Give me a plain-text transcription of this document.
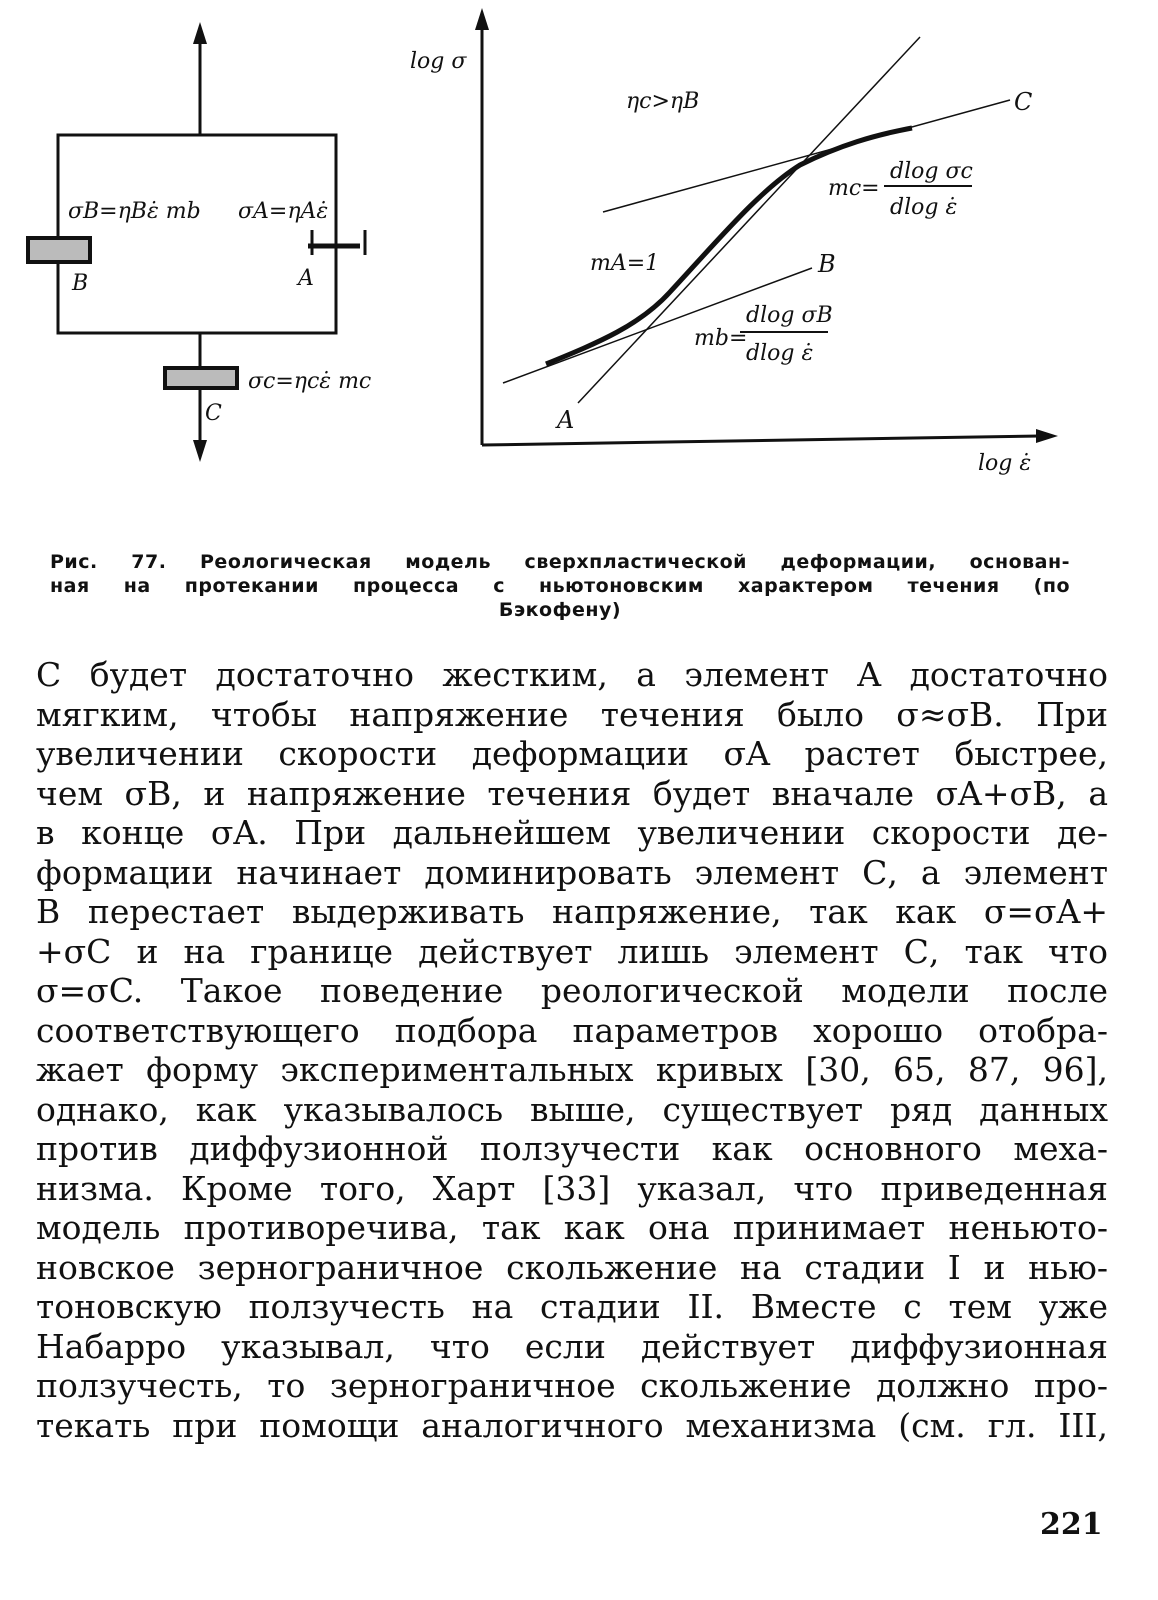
σB=ηBε̇ mb σA=ηAε̇
B	A
σc=ηcε̇ mc
C
log σ
log ε̇
ηc>ηB	C
B
A
mA=1
mc=
dlog σc
dlog ε̇
mb=
dlog σB
dlog ε̇
Рис. 77. Реологическая модель сверхпластической деформации, основан-
ная на протекании процесса с ньютоновским характером течения (по
Бэкофену)
С будет достаточно жестким, а элемент A достаточно
мягким, чтобы напряжение течения было σ≈σB. При
увеличении скорости деформации σA растет быстрее,
чем σB, и напряжение течения будет вначале σA+σB, а
в конце σA. При дальнейшем увеличении скорости де-
формации начинает доминировать элемент С, а элемент
В перестает выдерживать напряжение, так как σ=σA+
+σC и на границе действует лишь элемент С, так что
σ=σC. Такое поведение реологической модели после
соответствующего подбора параметров хорошо отобра-
жает форму экспериментальных кривых [30, 65, 87, 96],
однако, как указывалось выше, существует ряд данных
против диффузионной ползучести как основного меха-
низма. Кроме того, Харт [33] указал, что приведенная
модель противоречива, так как она принимает неньюто-
новское зернограничное скольжение на стадии I и нью-
тоновскую ползучесть на стадии II. Вместе с тем уже
Набарро указывал, что если действует диффузионная
ползучесть, то зернограничное скольжение должно про-
текать при помощи аналогичного механизма (см. гл. III,
221
